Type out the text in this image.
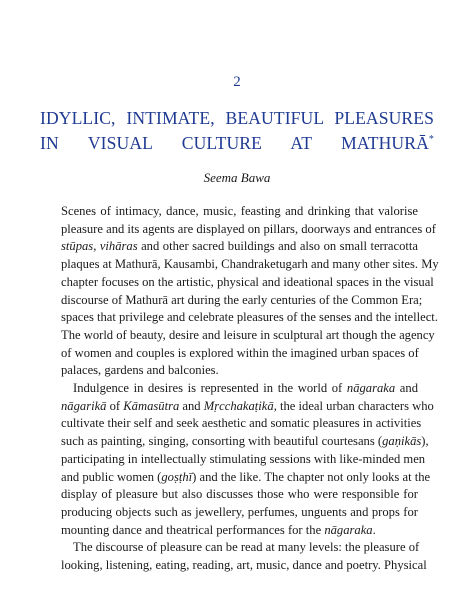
2
IDYLLIC, INTIMATE, BEAUTIFUL PLEASURES
IN VISUAL CULTURE AT MATHURĀ*
Seema Bawa
Scenes of intimacy, dance, music, feasting and drinking that valorise
pleasure and its agents are displayed on pillars, doorways and entrances of
stūpas, vihāras and other sacred buildings and also on small terracotta
plaques at Mathurā, Kausambi, Chandraketugarh and many other sites. My
chapter focuses on the artistic, physical and ideational spaces in the visual
discourse of Mathurā art during the early centuries of the Common Era;
spaces that privilege and celebrate pleasures of the senses and the intellect.
The world of beauty, desire and leisure in sculptural art though the agency
of women and couples is explored within the imagined urban spaces of
palaces, gardens and balconies.
Indulgence in desires is represented in the world of nāgaraka and
nāgarikā of Kāmasūtra and Mṛcchakaṭikā, the ideal urban characters who
cultivate their self and seek aesthetic and somatic pleasures in activities
such as painting, singing, consorting with beautiful courtesans (gaṇikās),
participating in intellectually stimulating sessions with like-minded men
and public women (goṣṭhī) and the like. The chapter not only looks at the
display of pleasure but also discusses those who were responsible for
producing objects such as jewellery, perfumes, unguents and props for
mounting dance and theatrical performances for the nāgaraka.
The discourse of pleasure can be read at many levels: the pleasure of
looking, listening, eating, reading, art, music, dance and poetry. Physical
